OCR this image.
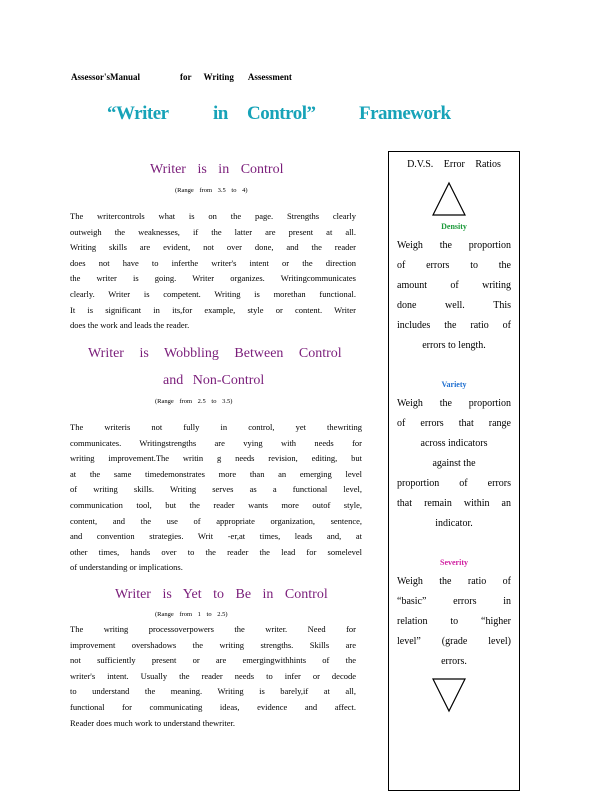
Assessor'sManual	for Writing Assessment
“Writer in Control” Framework
Writer is in Control
(Range from 3.5 to 4)
The writercontrols what is on the page. Strengths clearly
outweigh the weaknesses, if the latter are present at all.
Writing skills are evident, not over done, and the reader
does not have to inferthe writer's intent or the direction
the writer is going. Writer organizes. Writingcommunicates
clearly. Writer is competent. Writing is morethan functional.
It is significant in its,for example, style or content. Writer
does the work and leads the reader.
Writer is Wobbling Between Control
and Non-Control
(Range from 2.5 to 3.5)
The writeris not fully in control, yet thewriting
communicates. Writingstrengths are vying with needs for
writing improvement.The writin g needs revision, editing, but
at the same timedemonstrates more than an emerging level
of writing skills. Writing serves as a functional level,
communication tool, but the reader wants more outof style,
content, and the use of appropriate organization, sentence,
and convention strategies. Writ -er,at times, leads and, at
other times, hands over to the reader the lead for somelevel
of understanding or implications.
Writer is Yet to Be in Control
(Range from 1 to 2.5)
The writing processoverpowers the writer. Need for
improvement overshadows the writing strengths. Skills are
not sufficiently present or are emergingwithhints of the
writer's intent. Usually the reader needs to infer or decode
to understand the meaning. Writing is barely,if at all,
functional for communicating ideas, evidence and affect.
Reader does much work to understand thewriter.
D.V.S. Error Ratios
Density
Weigh the proportion
of errors to the
amount of writing
done well. This
includes the ratio of
errors to length.
Variety
Weigh the proportion
of errors that range
across indicators
against the
proportion of errors
that remain within an
indicator.
Severity
Weigh the ratio of
“basic” errors in
relation to “higher
level” (grade level)
errors.
